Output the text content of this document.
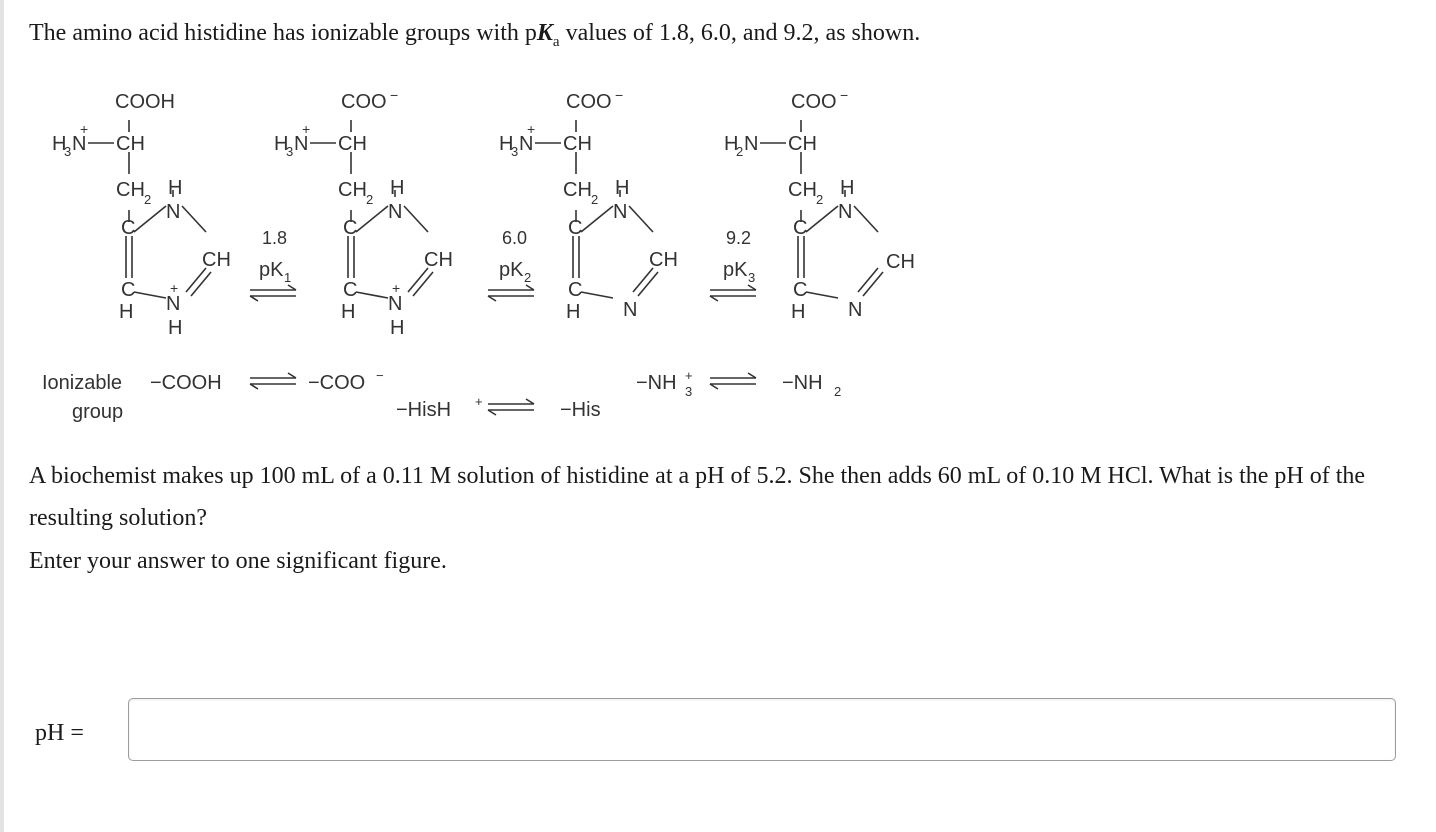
The amino acid histidine has ionizable groups with $pK_a$ values of 1.8, 6.0, and 9.2, as shown.

COOH
+
H
3 N CH
CH 2
H
N
C
CH
C
H N
+
H
COO −
+
H
3 N CH
CH 2
H
N
C
CH
C
H N
+
H
COO −
+
H
3 N CH
CH 2
H
N
C
CH
C
H N
COO −
H
2 N CH
CH 2
H
N
C
CH
C
H N
1.8
pK 1
6.0
pK 2
9.2
pK 3
Ionizable
group
−COOH	−COO −
−HisH +	−His
−NH +
3	−NH 2

A biochemist makes up 100 mL of a 0.11 M solution of histidine at a pH of 5.2. She then adds 60 mL of 0.10 M HCl. What is the pH of the resulting solution?

Enter your answer to one significant figure.

pH =
